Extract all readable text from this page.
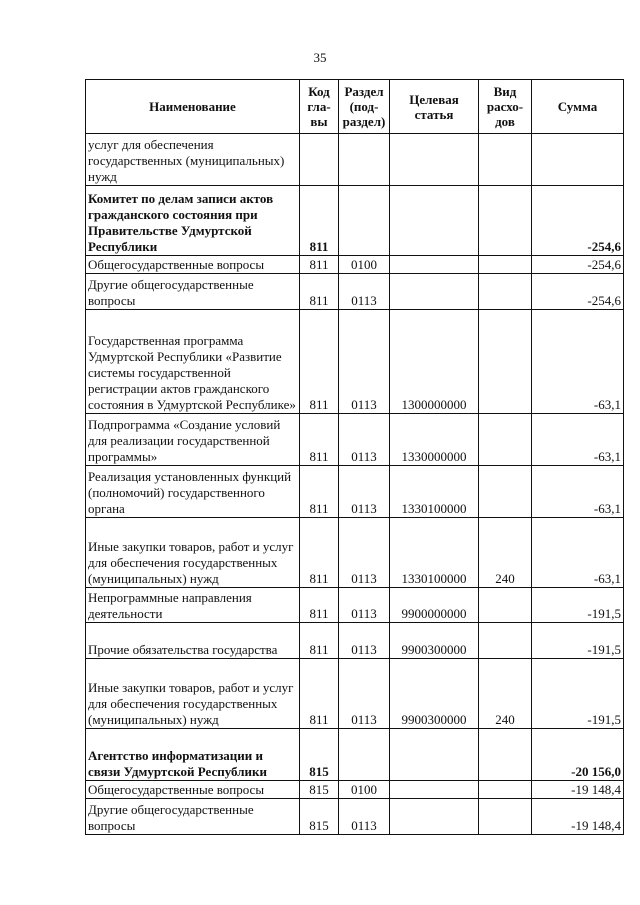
35
Наименование	Код гла- вы	Раздел (под- раздел)	Целевая статья	Вид расхо- дов	Сумма
услуг для обеспечения государственных (муниципальных) нужд					
Комитет по делам записи актов гражданского состояния при Правительстве Удмуртской Республики	811				-254,6
Общегосударственные вопросы	811	0100			-254,6
Другие общегосударственные вопросы	811	0113			-254,6
Государственная программа Удмуртской Республики «Развитие системы государственной регистрации актов гражданского состояния в Удмуртской Республике»	811	0113	1300000000		-63,1
Подпрограмма «Создание условий для реализации государственной программы»	811	0113	1330000000		-63,1
Реализация установленных функций (полномочий) государственного органа	811	0113	1330100000		-63,1
Иные закупки товаров, работ и услуг для обеспечения государственных (муниципальных) нужд	811	0113	1330100000	240	-63,1
Непрограммные направления деятельности	811	0113	9900000000		-191,5
Прочие обязательства государства	811	0113	9900300000		-191,5
Иные закупки товаров, работ и услуг для обеспечения государственных (муниципальных) нужд	811	0113	9900300000	240	-191,5
Агентство информатизации и связи Удмуртской Республики	815				-20 156,0
Общегосударственные вопросы	815	0100			-19 148,4
Другие общегосударственные вопросы	815	0113			-19 148,4
